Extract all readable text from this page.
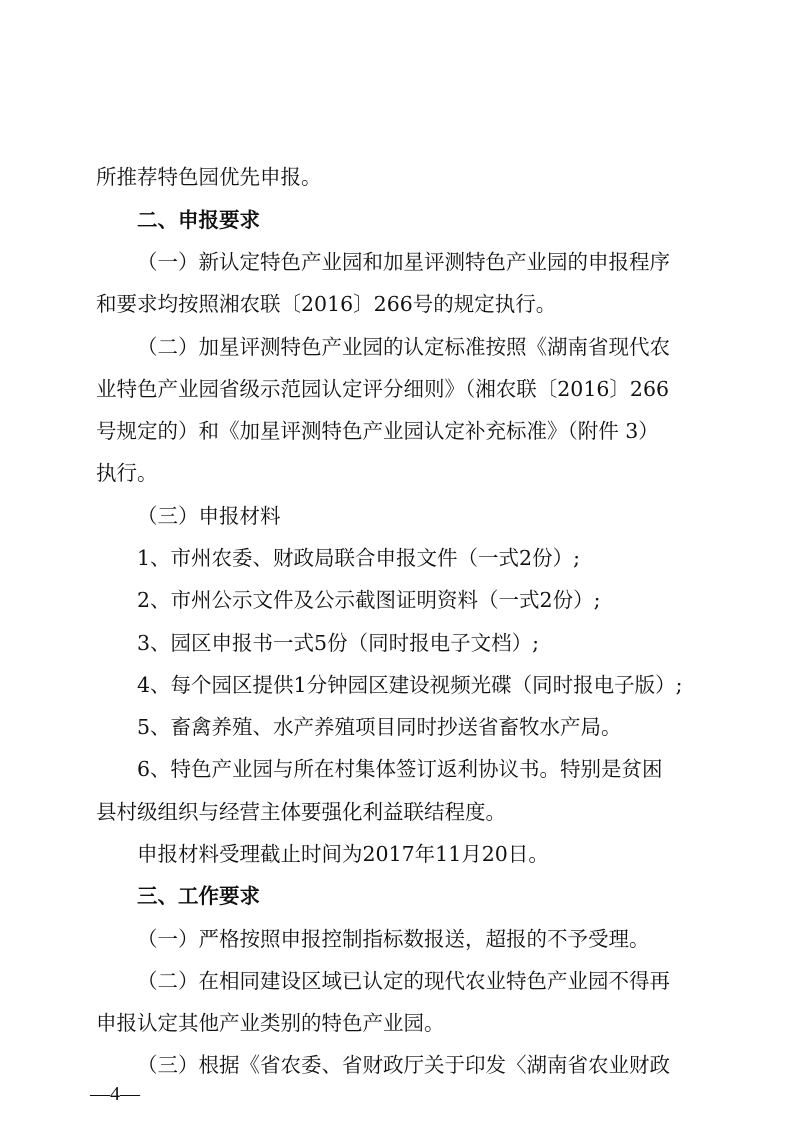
所推荐特色园优先申报。
二、申报要求
（一）新认定特色产业园和加星评测特色产业园的申报程序
和要求均按照湘农联〔2016〕266号的规定执行。
（二）加星评测特色产业园的认定标准按照《湖南省现代农
业特色产业园省级示范园认定评分细则》（湘农联〔2016〕266
号规定的）和《加星评测特色产业园认定补充标准》（附件 3）
执行。
（三）申报材料
1、市州农委、财政局联合申报文件（一式2份）;
2、市州公示文件及公示截图证明资料（一式2份）;
3、园区申报书一式5份（同时报电子文档）;
4、每个园区提供1分钟园区建设视频光碟（同时报电子版）;
5、畜禽养殖、水产养殖项目同时抄送省畜牧水产局。
6、特色产业园与所在村集体签订返利协议书。特别是贫困
县村级组织与经营主体要强化利益联结程度。
申报材料受理截止时间为2017年11月20日。
三、工作要求
（一）严格按照申报控制指标数报送，超报的不予受理。
（二）在相同建设区域已认定的现代农业特色产业园不得再
申报认定其他产业类别的特色产业园。
（三）根据《省农委、省财政厅关于印发〈湖南省农业财政
—4—
